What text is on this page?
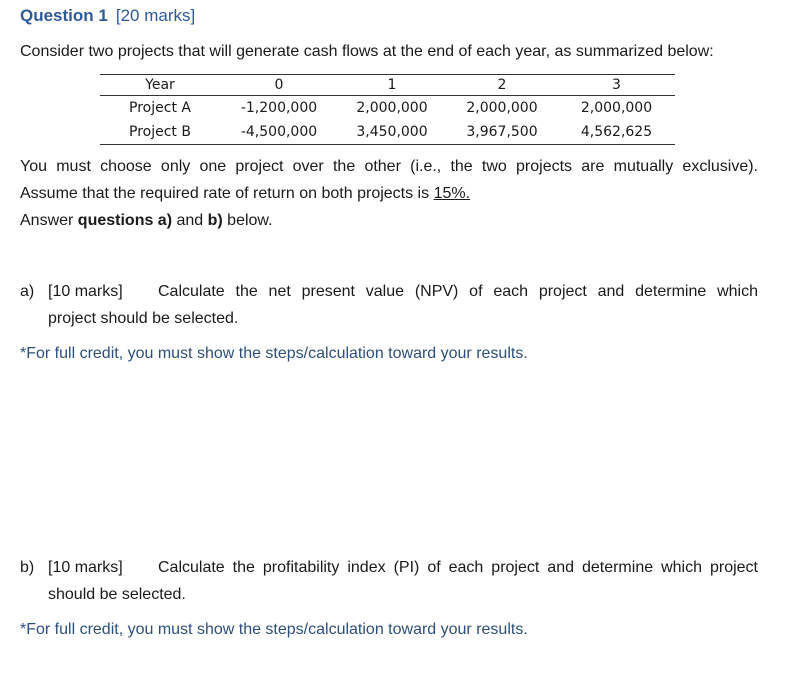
Question 1 [20 marks]
Consider two projects that will generate cash flows at the end of each year, as summarized below:
Year	0	1	2	3
Project A	-1,200,000	2,000,000	2,000,000	2,000,000
Project B	-4,500,000	3,450,000	3,967,500	4,562,625
You must choose only one project over the other (i.e., the two projects are mutually exclusive).
Assume that the required rate of return on both projects is 15%.
Answer questions a) and b) below.
a) [10 marks]	Calculate the net present value (NPV) of each project and determine which
project should be selected.
*For full credit, you must show the steps/calculation toward your results.
b) [10 marks]	Calculate the profitability index (PI) of each project and determine which project
should be selected.
*For full credit, you must show the steps/calculation toward your results.
